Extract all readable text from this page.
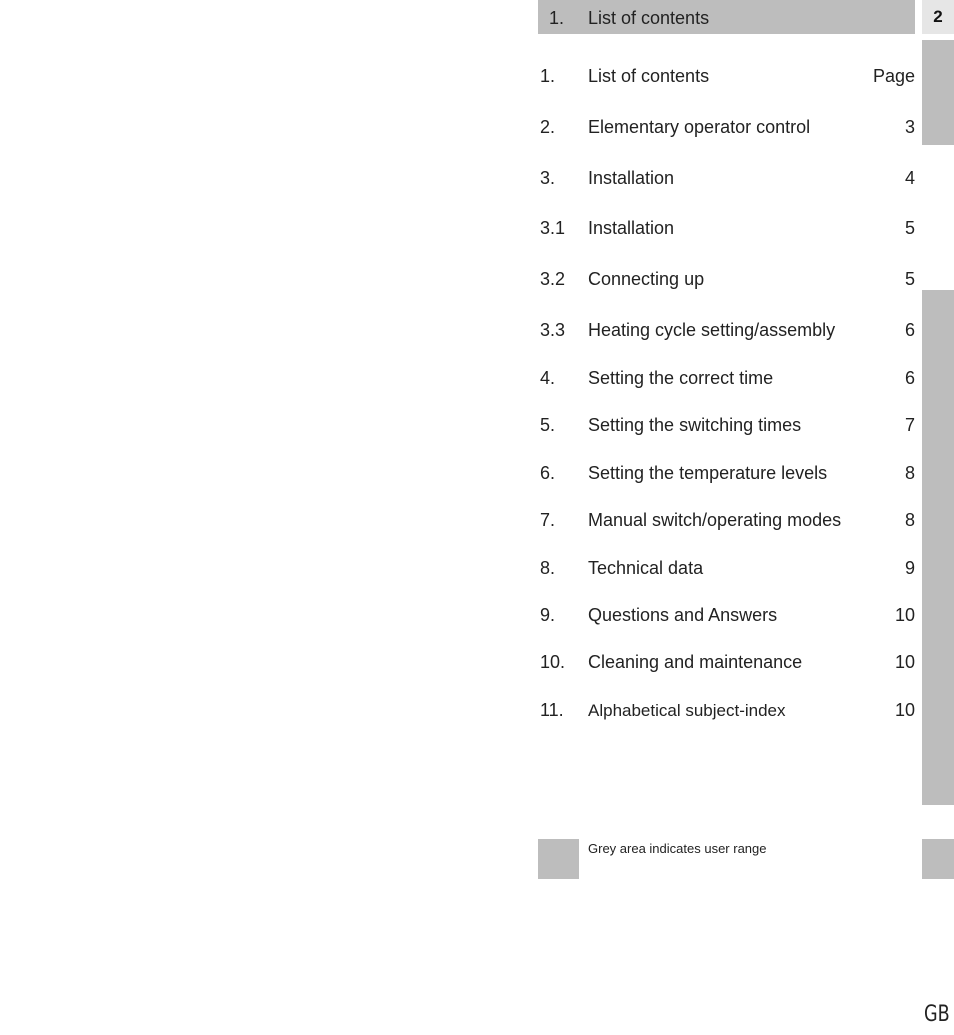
1. List of contents	2
1. List of contents	Page
2. Elementary operator control	3
3. Installation	4
3.1 Installation	5
3.2 Connecting up	5
3.3 Heating cycle setting/assembly	6
4. Setting the correct time	6
5. Setting the switching times	7
6. Setting the temperature levels	8
7. Manual switch/operating modes	8
8. Technical data	9
9. Questions and Answers	10
10. Cleaning and maintenance	10
11. Alphabetical subject-index	10
Grey area indicates user range
GB
